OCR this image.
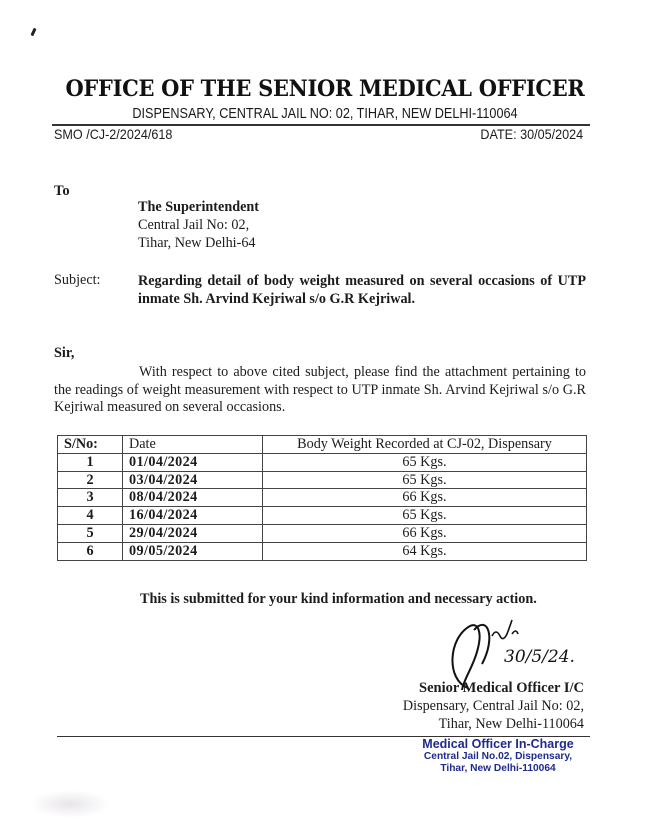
OFFICE OF THE SENIOR MEDICAL OFFICER
DISPENSARY, CENTRAL JAIL NO: 02, TIHAR, NEW DELHI-110064
SMO /CJ-2/2024/618	DATE: 30/05/2024
To
The Superintendent
Central Jail No: 02,
Tihar, New Delhi-64
Subject:	Regarding detail of body weight measured on several occasions of UTP inmate Sh. Arvind Kejriwal s/o G.R Kejriwal.
Sir,
With respect to above cited subject, please find the attachment pertaining to the readings of weight measurement with respect to UTP inmate Sh. Arvind Kejriwal s/o G.R Kejriwal measured on several occasions.
S/No:	Date	Body Weight Recorded at CJ-02, Dispensary
1	01/04/2024	65 Kgs.
2	03/04/2024	65 Kgs.
3	08/04/2024	66 Kgs.
4	16/04/2024	65 Kgs.
5	29/04/2024	66 Kgs.
6	09/05/2024	64 Kgs.
This is submitted for your kind information and necessary action.
30/5/24.
Senior Medical Officer I/C
Dispensary, Central Jail No: 02,
Tihar, New Delhi-110064
Medical Officer In-Charge
Central Jail No.02, Dispensary,
Tihar, New Delhi-110064
